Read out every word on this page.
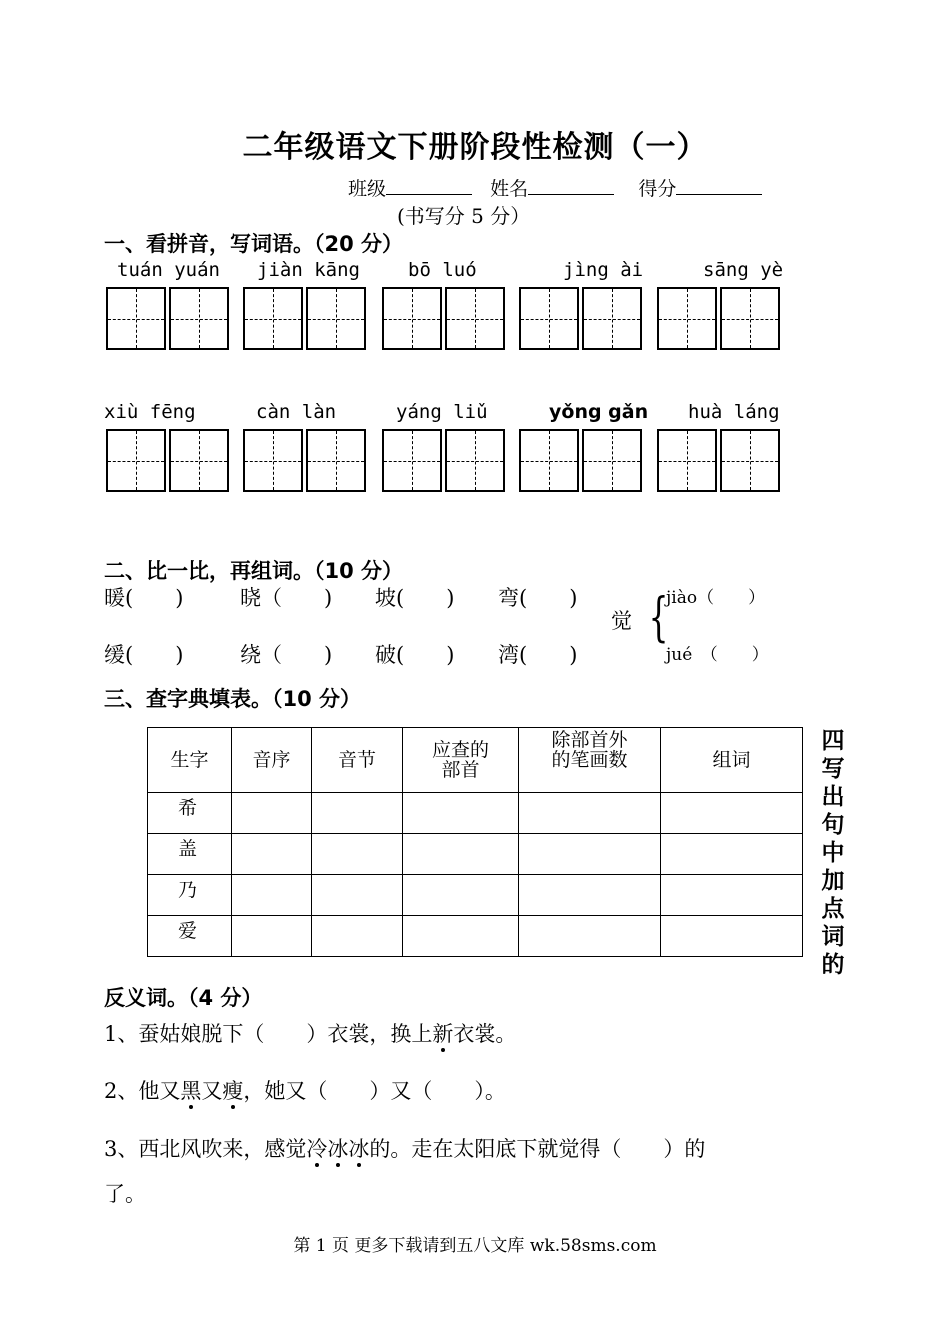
二年级语文下册阶段性检测（一）
班级	姓名	得分
(书写分 5 分）
一、看拼音，写词语。（20 分）
tuán yuán jiàn kāng	bō luó	jìng ài	sāng yè
xiù fēng	càn làn	yáng liǔ	yǒng gǎn huà láng
二、比一比，再组词。（10 分）
暖(　　)	晓（　　) 坡(　　) 弯(　　)
缓(　　)	绕（　　) 破(　　) 湾(　　)
觉 {
jiào（　　）
jué　（　　）
三、查字典填表。（10 分）
生字	音序	音节	应查的部首	除部首外的笔画数	组词
希					
盖					
乃					
爱					
四写出句中加点词的
反义词。（4 分）
1、蚕姑娘脱下（　　）衣裳，换上新衣裳。
2、他又黑又瘦，她又（　　）又（　　）。
3、西北风吹来，感觉冷冰冰的。走在太阳底下就觉得（　　）的
了。
第 1 页 更多下载请到五八文库 wk.58sms.com
